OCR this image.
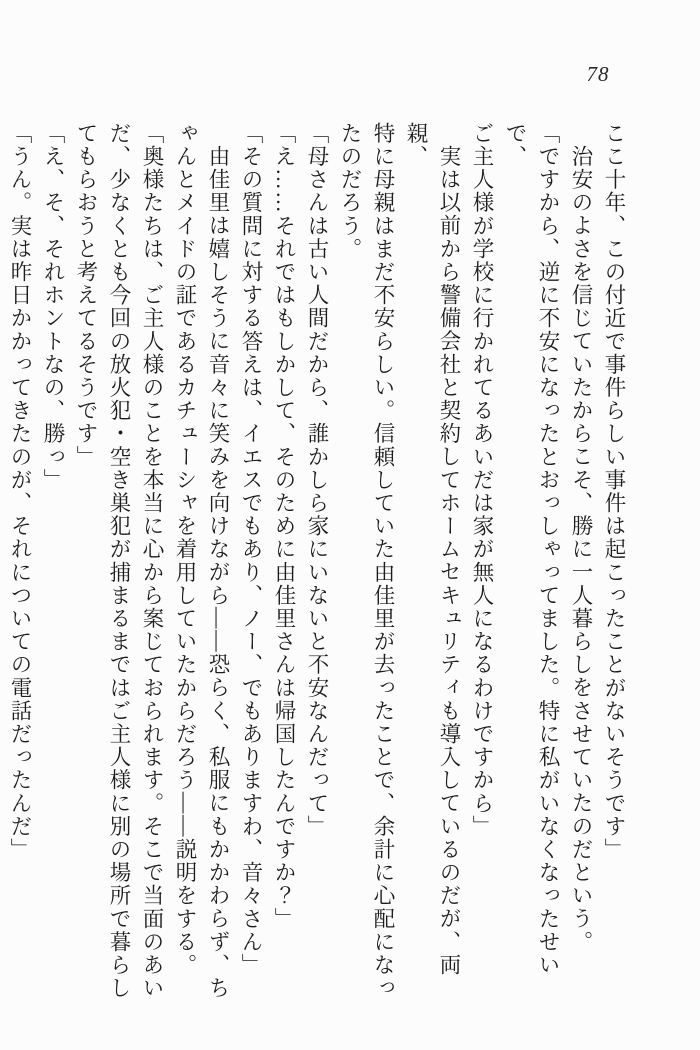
78

ここ十年、この付近で事件らしい事件は起こったことがないそうです」

治安のよさを信じていたからこそ、勝に一人暮らしをさせていたのだという。

「ですから、逆に不安になったとおっしゃってました。特に私がいなくなったせいで、

ご主人様が学校に行かれてるあいだは家が無人になるわけですから」

実は以前から警備会社と契約してホームセキュリティも導入しているのだが、両親、

特に母親はまだ不安らしい。信頼していた由佳里が去ったことで、余計に心配になっ

たのだろう。

「母さんは古い人間だから、誰かしら家にいないと不安なんだって」

「え……それではもしかして、そのために由佳里さんは帰国したんですか？」

「その質問に対する答えは、イエスでもあり、ノー、でもありますわ、音々さん」

由佳里は嬉しそうに音々に笑みを向けながら――恐らく、私服にもかかわらず、ち

ゃんとメイドの証であるカチューシャを着用していたからだろう――説明をする。

「奥様たちは、ご主人様のことを本当に心から案じておられます。そこで当面のあい

だ、少なくとも今回の放火犯・空き巣犯が捕まるまではご主人様に別の場所で暮らし

てもらおうと考えてるそうです」

「え、そ、それホントなの、勝っ」

「うん。実は昨日かかってきたのが、それについての電話だったんだ」
